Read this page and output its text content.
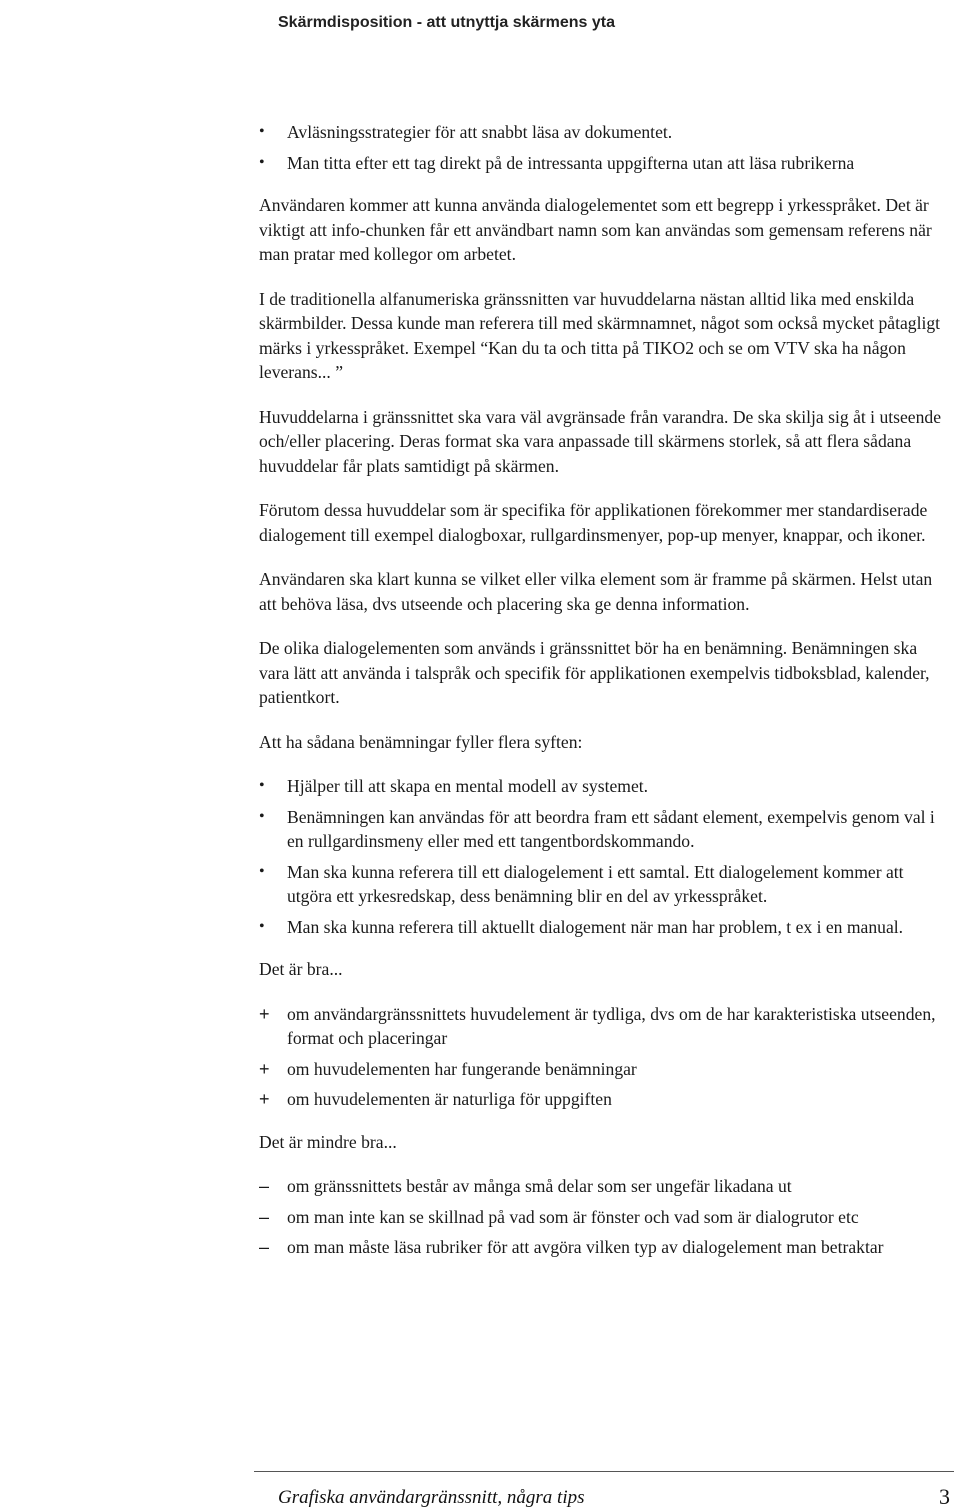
Skärmdisposition - att utnyttja skärmens yta
•	Avläsningsstrategier för att snabbt läsa av dokumentet.
•	Man titta efter ett tag direkt på de intressanta uppgifterna utan att läsa rubrikerna

Användaren kommer att kunna använda dialogelementet som ett begrepp i yrkesspråket. Det är viktigt att info-chunken får ett användbart namn som kan användas som gemensam referens när man pratar med kollegor om arbetet.

I de traditionella alfanumeriska gränssnitten var huvuddelarna nästan alltid lika med enskilda skärmbilder. Dessa kunde man referera till med skärmnamnet, något som också mycket påtagligt märks i yrkesspråket. Exempel “Kan du ta och titta på TIKO2 och se om VTV ska ha någon leverans... ”

Huvuddelarna i gränssnittet ska vara väl avgränsade från varandra. De ska skilja sig åt i utseende och/eller placering. Deras format ska vara anpassade till skärmens storlek, så att flera sådana huvuddelar får plats samtidigt på skärmen.

Förutom dessa huvuddelar som är specifika för applikationen förekommer mer standardiserade dialogement till exempel dialogboxar, rullgardinsmenyer, pop-up menyer, knappar, och ikoner.

Användaren ska klart kunna se vilket eller vilka element som är framme på skärmen. Helst utan att behöva läsa, dvs utseende och placering ska ge denna information.

De olika dialogelementen som används i gränssnittet bör ha en benämning. Benämningen ska vara lätt att använda i talspråk och specifik för applikationen exempelvis tidboksblad, kalender, patientkort.

Att ha sådana benämningar fyller flera syften:

•	Hjälper till att skapa en mental modell av systemet.
•	Benämningen kan användas för att beordra fram ett sådant element, exempelvis genom val i en rullgardinsmeny eller med ett tangentbordskommando.
•	Man ska kunna referera till ett dialogelement i ett samtal. Ett dialogelement kommer att utgöra ett yrkesredskap, dess benämning blir en del av yrkesspråket.
•	Man ska kunna referera till aktuellt dialogement när man har problem, t ex i en manual.

Det är bra...

+ om användargränssnittets huvudelement är tydliga, dvs om de har karakteristiska utseenden, format och placeringar
+ om huvudelementen har fungerande benämningar
+ om huvudelementen är naturliga för uppgiften

Det är mindre bra...

–	om gränssnittets består av många små delar som ser ungefär likadana ut
–	om man inte kan se skillnad på vad som är fönster och vad som är dialogrutor etc
–	om man måste läsa rubriker för att avgöra vilken typ av dialogelement man betraktar
Grafiska användargränssnitt, några tips	3
